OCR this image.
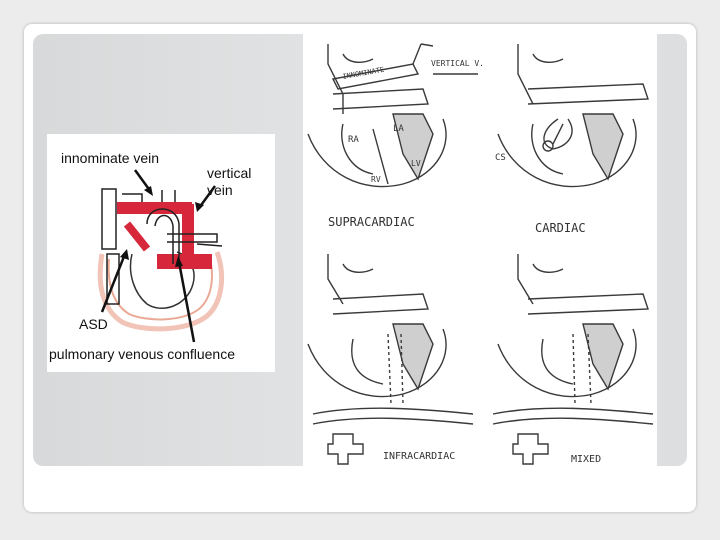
innominate vein
vertical
vein
ASD
pulmonary venous confluence
INNOMINATE
VERTICAL V.
RA
LA
RV
LV
CS
SUPRACARDIAC	CARDIAC
INFRACARDIAC	MIXED
